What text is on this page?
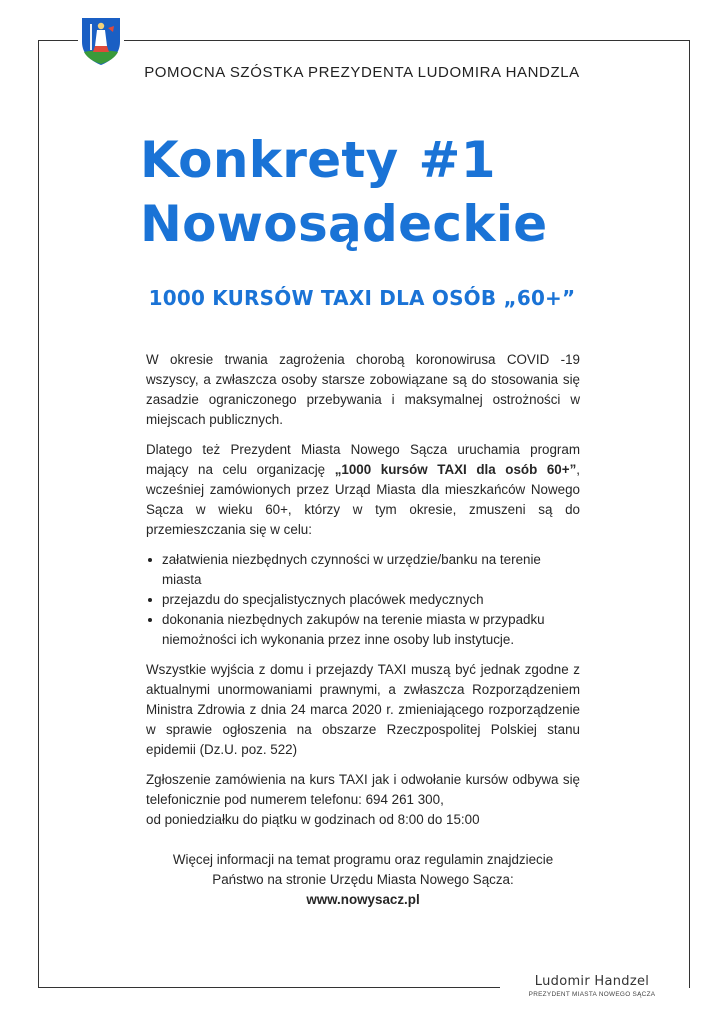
POMOCNA SZÓSTKA PREZYDENTA LUDOMIRA HANDZLA
Konkrety #1
Nowosądeckie
1000 KURSÓW TAXI DLA OSÓB „60+”

W okresie trwania zagrożenia chorobą koronowirusa COVID -19 wszyscy, a zwłaszcza osoby starsze zobowiązane są do stosowania się zasadzie ograniczonego przebywania i maksymalnej ostrożności w miejscach publicznych.

Dlatego też Prezydent Miasta Nowego Sącza uruchamia program mający na celu organizację „1000 kursów TAXI dla osób 60+”, wcześniej zamówionych przez Urząd Miasta dla mieszkańców Nowego Sącza w wieku 60+, którzy w tym okresie, zmuszeni są do przemieszczania się w celu:

załatwienia niezbędnych czynności w urzędzie/banku na terenie miasta
przejazdu do specjalistycznych placówek medycznych
dokonania niezbędnych zakupów na terenie miasta w przypadku niemożności ich wykonania przez inne osoby lub instytucje.

Wszystkie wyjścia z domu i przejazdy TAXI muszą być jednak zgodne z aktualnymi unormowaniami prawnymi, a zwłaszcza Rozporządzeniem Ministra Zdrowia z dnia 24 marca 2020 r. zmieniającego rozporządzenie w sprawie ogłoszenia na obszarze Rzeczpospolitej Polskiej stanu epidemii (Dz.U. poz. 522)

Zgłoszenie zamówienia na kurs TAXI jak i odwołanie kursów odbywa się telefonicznie pod numerem telefonu: 694 261 300,
od poniedziałku do piątku w godzinach od 8:00 do 15:00

Więcej informacji na temat programu oraz regulamin znajdziecie Państwo na stronie Urzędu Miasta Nowego Sącza:
www.nowysacz.pl

Ludomir Handzel
PREZYDENT MIASTA NOWEGO SĄCZA
